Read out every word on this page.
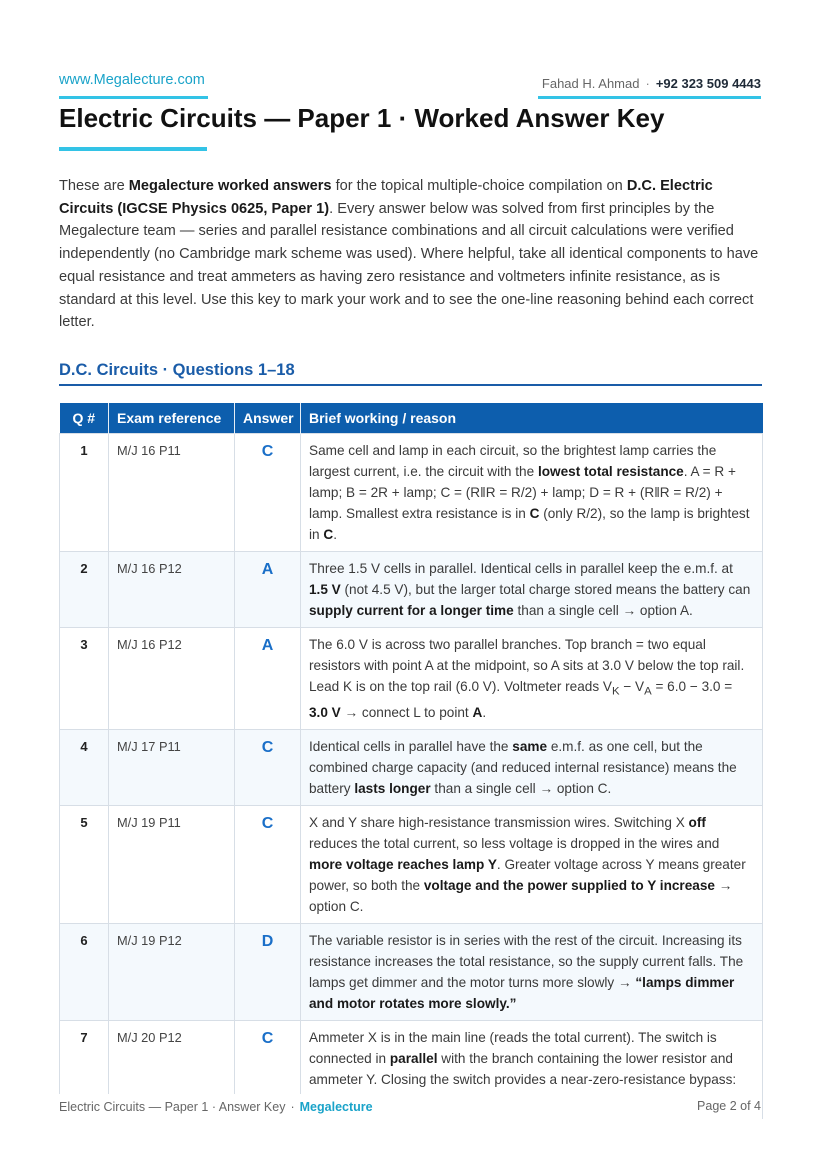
www.Megalecture.com	Fahad H. Ahmad · +92 323 509 4443
Electric Circuits — Paper 1 · Worked Answer Key

These are Megalecture worked answers for the topical multiple-choice compilation on D.C. Electric Circuits (IGCSE Physics 0625, Paper 1). Every answer below was solved from first principles by the Megalecture team — series and parallel resistance combinations and all circuit calculations were verified independently (no Cambridge mark scheme was used). Where helpful, take all identical components to have equal resistance and treat ammeters as having zero resistance and voltmeters infinite resistance, as is standard at this level. Use this key to mark your work and to see the one-line reasoning behind each correct letter.

D.C. Circuits · Questions 1–18
Q #	Exam reference	Answer	Brief working / reason
1	M/J 16 P11	C	Same cell and lamp in each circuit, so the brightest lamp carries the largest current, i.e. the circuit with the lowest total resistance. A = R + lamp; B = 2R + lamp; C = (R‖R = R/2) + lamp; D = R + (R‖R = R/2) + lamp. Smallest extra resistance is in C (only R/2), so the lamp is brightest in C.
2	M/J 16 P12	A	Three 1.5 V cells in parallel. Identical cells in parallel keep the e.m.f. at 1.5 V (not 4.5 V), but the larger total charge stored means the battery can supply current for a longer time than a single cell → option A.
3	M/J 16 P12	A	The 6.0 V is across two parallel branches. Top branch = two equal resistors with point A at the midpoint, so A sits at 3.0 V below the top rail. Lead K is on the top rail (6.0 V). Voltmeter reads $V_K - V_A = 6.0 - 3.0 = 3.0$ V → connect L to point A.
4	M/J 17 P11	C	Identical cells in parallel have the same e.m.f. as one cell, but the combined charge capacity (and reduced internal resistance) means the battery lasts longer than a single cell → option C.
5	M/J 19 P11	C	X and Y share high-resistance transmission wires. Switching X off reduces the total current, so less voltage is dropped in the wires and more voltage reaches lamp Y. Greater voltage across Y means greater power, so both the voltage and the power supplied to Y increase → option C.
6	M/J 19 P12	D	The variable resistor is in series with the rest of the circuit. Increasing its resistance increases the total resistance, so the supply current falls. The lamps get dimmer and the motor turns more slowly → “lamps dimmer and motor rotates more slowly.”
7	M/J 20 P12	C	Ammeter X is in the main line (reads the total current). The switch is connected in parallel with the branch containing the lower resistor and ammeter Y. Closing the switch provides a near-zero-resistance bypass:
Electric Circuits — Paper 1 · Answer Key · Megalecture	Page 2 of 4
